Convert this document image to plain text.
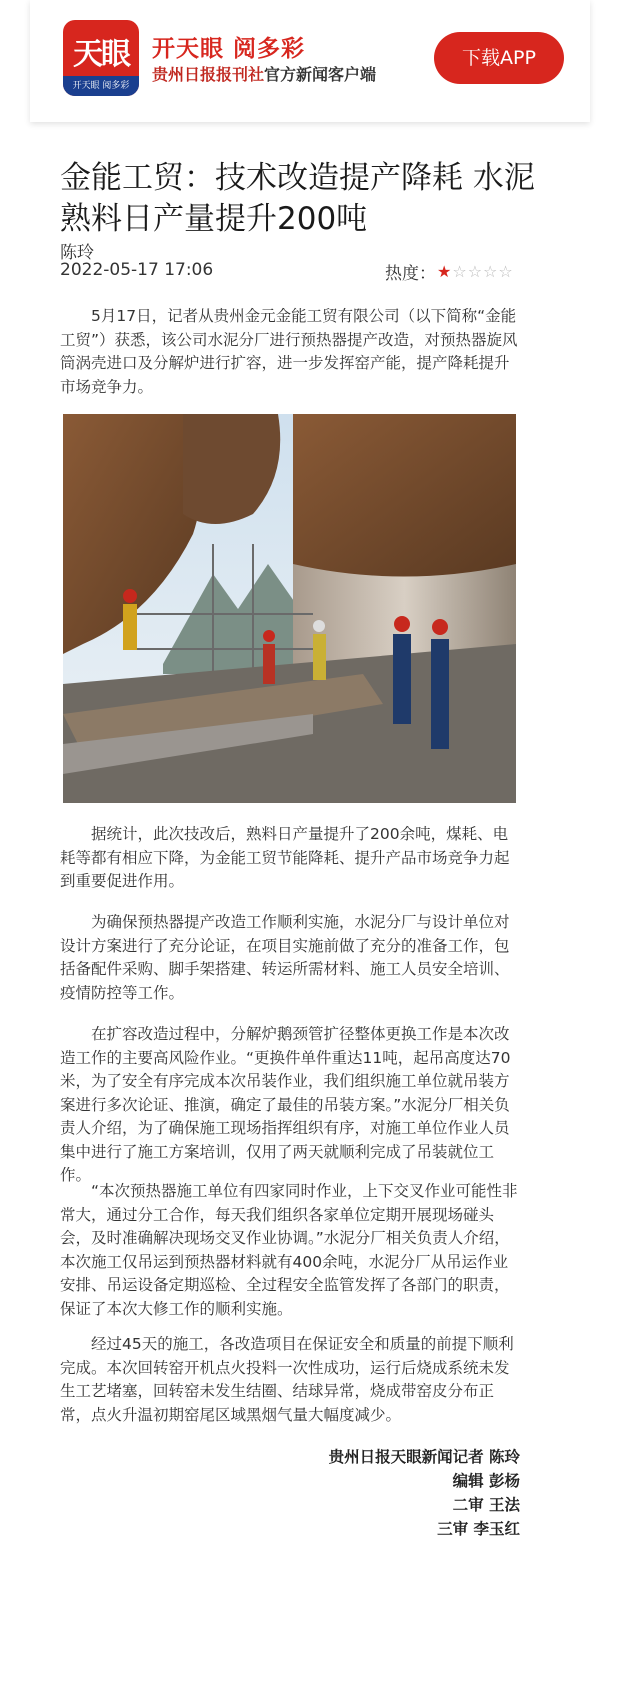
天眼
开天眼 阅多彩
开天眼 阅多彩
贵州日报报刊社官方新闻客户端
下载APP
金能工贸：技术改造提产降耗 水泥熟料日产量提升200吨
陈玲
2022-05-17 17:06	热度： ★☆☆☆☆

5月17日，记者从贵州金元金能工贸有限公司（以下简称“金能工贸”）获悉，该公司水泥分厂进行预热器提产改造，对预热器旋风筒涡壳进口及分解炉进行扩容，进一步发挥窑产能，提产降耗提升市场竞争力。

据统计，此次技改后，熟料日产量提升了200余吨，煤耗、电耗等都有相应下降，为金能工贸节能降耗、提升产品市场竞争力起到重要促进作用。

为确保预热器提产改造工作顺利实施，水泥分厂与设计单位对设计方案进行了充分论证，在项目实施前做了充分的准备工作，包括备配件采购、脚手架搭建、转运所需材料、施工人员安全培训、疫情防控等工作。

在扩容改造过程中，分解炉鹅颈管扩径整体更换工作是本次改造工作的主要高风险作业。“更换件单件重达11吨，起吊高度达70米，为了安全有序完成本次吊装作业，我们组织施工单位就吊装方案进行多次论证、推演，确定了最佳的吊装方案。”水泥分厂相关负责人介绍，为了确保施工现场指挥组织有序，对施工单位作业人员集中进行了施工方案培训，仅用了两天就顺利完成了吊装就位工作。

“本次预热器施工单位有四家同时作业，上下交叉作业可能性非常大，通过分工合作，每天我们组织各家单位定期开展现场碰头会，及时准确解决现场交叉作业协调。”水泥分厂相关负责人介绍，本次施工仅吊运到预热器材料就有400余吨，水泥分厂从吊运作业安排、吊运设备定期巡检、全过程安全监管发挥了各部门的职责，保证了本次大修工作的顺利实施。

经过45天的施工，各改造项目在保证安全和质量的前提下顺利完成。本次回转窑开机点火投料一次性成功，运行后烧成系统未发生工艺堵塞，回转窑未发生结圈、结球异常，烧成带窑皮分布正常，点火升温初期窑尾区域黑烟气量大幅度减少。

贵州日报天眼新闻记者 陈玲
编辑 彭杨
二审 王法
三审 李玉红
